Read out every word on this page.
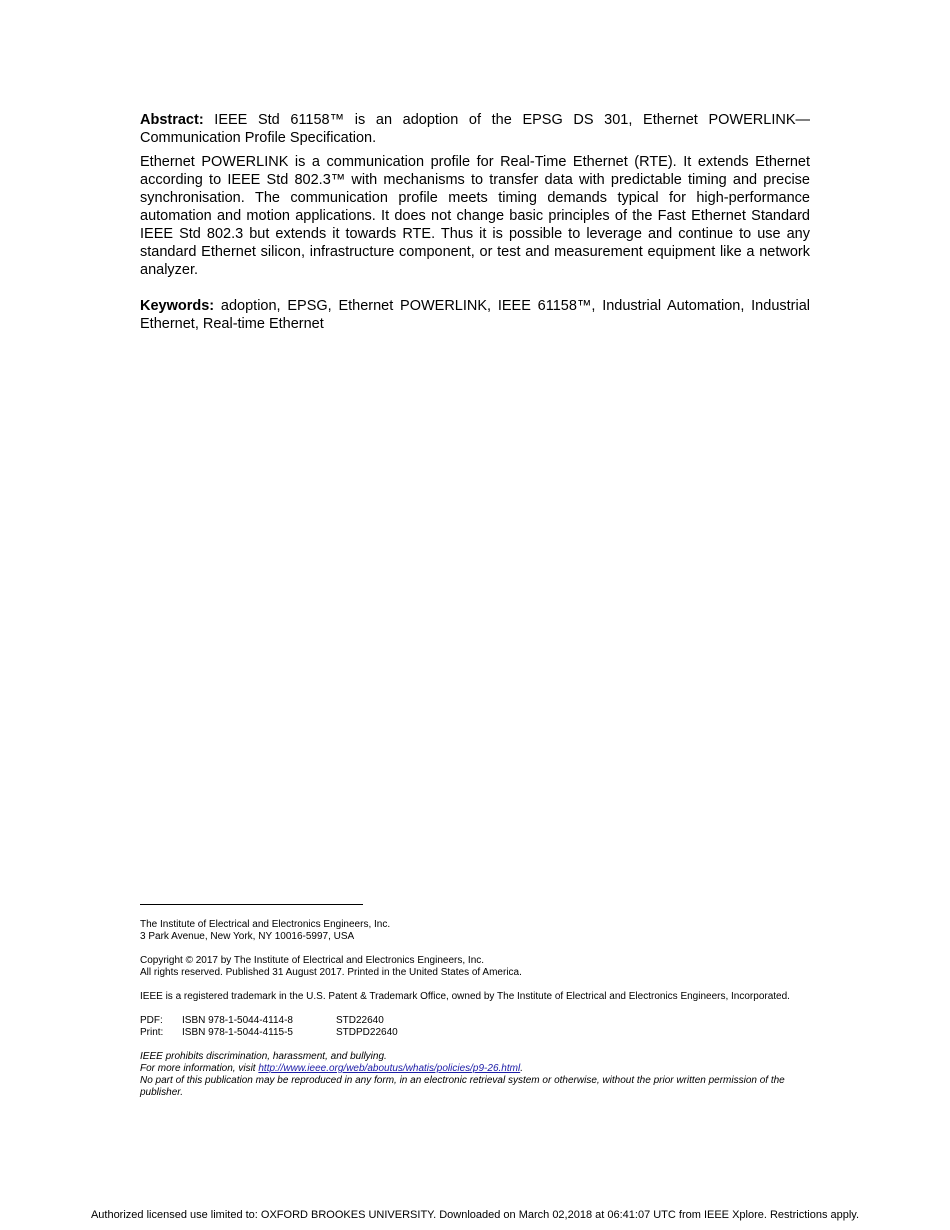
Abstract: IEEE Std 61158™ is an adoption of the EPSG DS 301, Ethernet POWERLINK—Communication Profile Specification.

Ethernet POWERLINK is a communication profile for Real-Time Ethernet (RTE). It extends Ethernet according to IEEE Std 802.3™ with mechanisms to transfer data with predictable timing and precise synchronisation. The communication profile meets timing demands typical for high-performance automation and motion applications. It does not change basic principles of the Fast Ethernet Standard IEEE Std 802.3 but extends it towards RTE. Thus it is possible to leverage and continue to use any standard Ethernet silicon, infrastructure component, or test and measurement equipment like a network analyzer.

Keywords: adoption, EPSG, Ethernet POWERLINK, IEEE 61158™, Industrial Automation, Industrial Ethernet, Real-time Ethernet

The Institute of Electrical and Electronics Engineers, Inc.

3 Park Avenue, New York, NY 10016-5997, USA

Copyright © 2017 by The Institute of Electrical and Electronics Engineers, Inc.

All rights reserved. Published 31 August 2017. Printed in the United States of America.

IEEE is a registered trademark in the U.S. Patent & Trademark Office, owned by The Institute of Electrical and Electronics Engineers, Incorporated.

PDF:	ISBN 978-1-5044-4114-8	STD22640
Print:	ISBN 978-1-5044-4115-5	STDPD22640

IEEE prohibits discrimination, harassment, and bullying.

For more information, visit http://www.ieee.org/web/aboutus/whatis/policies/p9-26.html.

No part of this publication may be reproduced in any form, in an electronic retrieval system or otherwise, without the prior written permission of the publisher.

Authorized licensed use limited to: OXFORD BROOKES UNIVERSITY. Downloaded on March 02,2018 at 06:41:07 UTC from IEEE Xplore. Restrictions apply.
